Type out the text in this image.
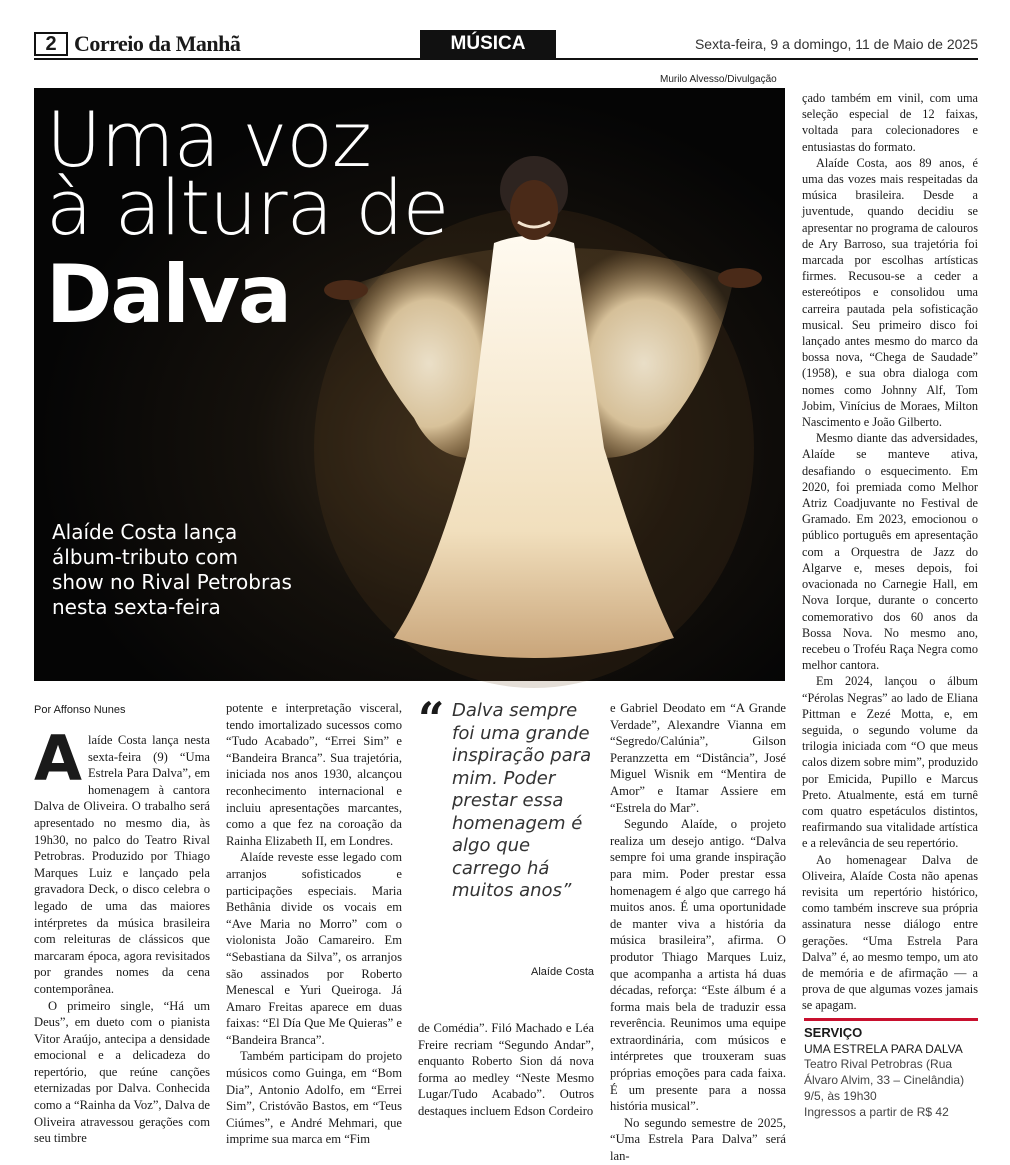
2 Correio da Manhã	MÚSICA	Sexta-feira, 9 a domingo, 11 de Maio de 2025
Murilo Alvesso/Divulgação
Uma voz
à altura de
Dalva
Alaíde Costa lança álbum-tributo com show no Rival Petrobras nesta sexta-feira
Por Affonso Nunes
A laíde Costa lança nesta sexta-feira (9) “Uma Estrela Para Dalva”, em homenagem à cantora Dalva de Oliveira. O trabalho será apresentado no mesmo dia, às 19h30, no palco do Teatro Rival Petrobras. Produzido por Thiago Marques Luiz e lançado pela gravadora Deck, o disco celebra o legado de uma das maiores intérpretes da música brasileira com releituras de clássicos que marcaram época, agora revisitados por grandes nomes da cena contemporânea.

O primeiro single, “Há um Deus”, em dueto com o pianista Vitor Araújo, antecipa a densidade emocional e a delicadeza do repertório, que reúne canções eternizadas por Dalva. Conhecida como a “Rainha da Voz”, Dalva de Oliveira atravessou gerações com seu timbre

potente e interpretação visceral, tendo imortalizado sucessos como “Tudo Acabado”, “Errei Sim” e “Bandeira Branca”. Sua trajetória, iniciada nos anos 1930, alcançou reconhecimento internacional e incluiu apresentações marcantes, como a que fez na coroação da Rainha Elizabeth II, em Londres.

Alaíde reveste esse legado com arranjos sofisticados e participações especiais. Maria Bethânia divide os vocais em “Ave Maria no Morro” com o violonista João Camareiro. Em “Sebastiana da Silva”, os arranjos são assinados por Roberto Menescal e Yuri Queiroga. Já Amaro Freitas aparece em duas faixas: “El Día Que Me Quieras” e “Bandeira Branca”.

Também participam do projeto músicos como Guinga, em “Bom Dia”, Antonio Adolfo, em “Errei Sim”, Cristóvão Bastos, em “Teus Ciúmes”, e André Mehmari, que imprime sua marca em “Fim

“ Dalva sempre foi uma grande inspiração para mim. Poder prestar essa homenagem é algo que carrego há muitos anos”
Alaíde Costa

de Comédia”. Filó Machado e Léa Freire recriam “Segundo Andar”, enquanto Roberto Sion dá nova forma ao medley “Neste Mesmo Lugar/Tudo Acabado”. Outros destaques incluem Edson Cordeiro

e Gabriel Deodato em “A Grande Verdade”, Alexandre Vianna em “Segredo/Calúnia”, Gilson Peranzzetta em “Distância”, José Miguel Wisnik em “Mentira de Amor” e Itamar Assiere em “Estrela do Mar”.

Segundo Alaíde, o projeto realiza um desejo antigo. “Dalva sempre foi uma grande inspiração para mim. Poder prestar essa homenagem é algo que carrego há muitos anos. É uma oportunidade de manter viva a história da música brasileira”, afirma. O produtor Thiago Marques Luiz, que acompanha a artista há duas décadas, reforça: “Este álbum é a forma mais bela de traduzir essa reverência. Reunimos uma equipe extraordinária, com músicos e intérpretes que trouxeram suas próprias emoções para cada faixa. É um presente para a nossa história musical”.

No segundo semestre de 2025, “Uma Estrela Para Dalva” será lan-

çado também em vinil, com uma seleção especial de 12 faixas, voltada para colecionadores e entusiastas do formato.

Alaíde Costa, aos 89 anos, é uma das vozes mais respeitadas da música brasileira. Desde a juventude, quando decidiu se apresentar no programa de calouros de Ary Barroso, sua trajetória foi marcada por escolhas artísticas firmes. Recusou-se a ceder a estereótipos e consolidou uma carreira pautada pela sofisticação musical. Seu primeiro disco foi lançado antes mesmo do marco da bossa nova, “Chega de Saudade” (1958), e sua obra dialoga com nomes como Johnny Alf, Tom Jobim, Vinícius de Moraes, Milton Nascimento e João Gilberto.

Mesmo diante das adversidades, Alaíde se manteve ativa, desafiando o esquecimento. Em 2020, foi premiada como Melhor Atriz Coadjuvante no Festival de Gramado. Em 2023, emocionou o público português em apresentação com a Orquestra de Jazz do Algarve e, meses depois, foi ovacionada no Carnegie Hall, em Nova Iorque, durante o concerto comemorativo dos 60 anos da Bossa Nova. No mesmo ano, recebeu o Troféu Raça Negra como melhor cantora.

Em 2024, lançou o álbum “Pérolas Negras” ao lado de Eliana Pittman e Zezé Motta, e, em seguida, o segundo volume da trilogia iniciada com “O que meus calos dizem sobre mim”, produzido por Emicida, Pupillo e Marcus Preto. Atualmente, está em turnê com quatro espetáculos distintos, reafirmando sua vitalidade artística e a relevância de seu repertório.

Ao homenagear Dalva de Oliveira, Alaíde Costa não apenas revisita um repertório histórico, como também inscreve sua própria assinatura nesse diálogo entre gerações. “Uma Estrela Para Dalva” é, ao mesmo tempo, um ato de memória e de afirmação — a prova de que algumas vozes jamais se apagam.

SERVIÇO
UMA ESTRELA PARA DALVA
Teatro Rival Petrobras (Rua Álvaro Alvim, 33 – Cinelândia)
9/5, às 19h30
Ingressos a partir de R$ 42
